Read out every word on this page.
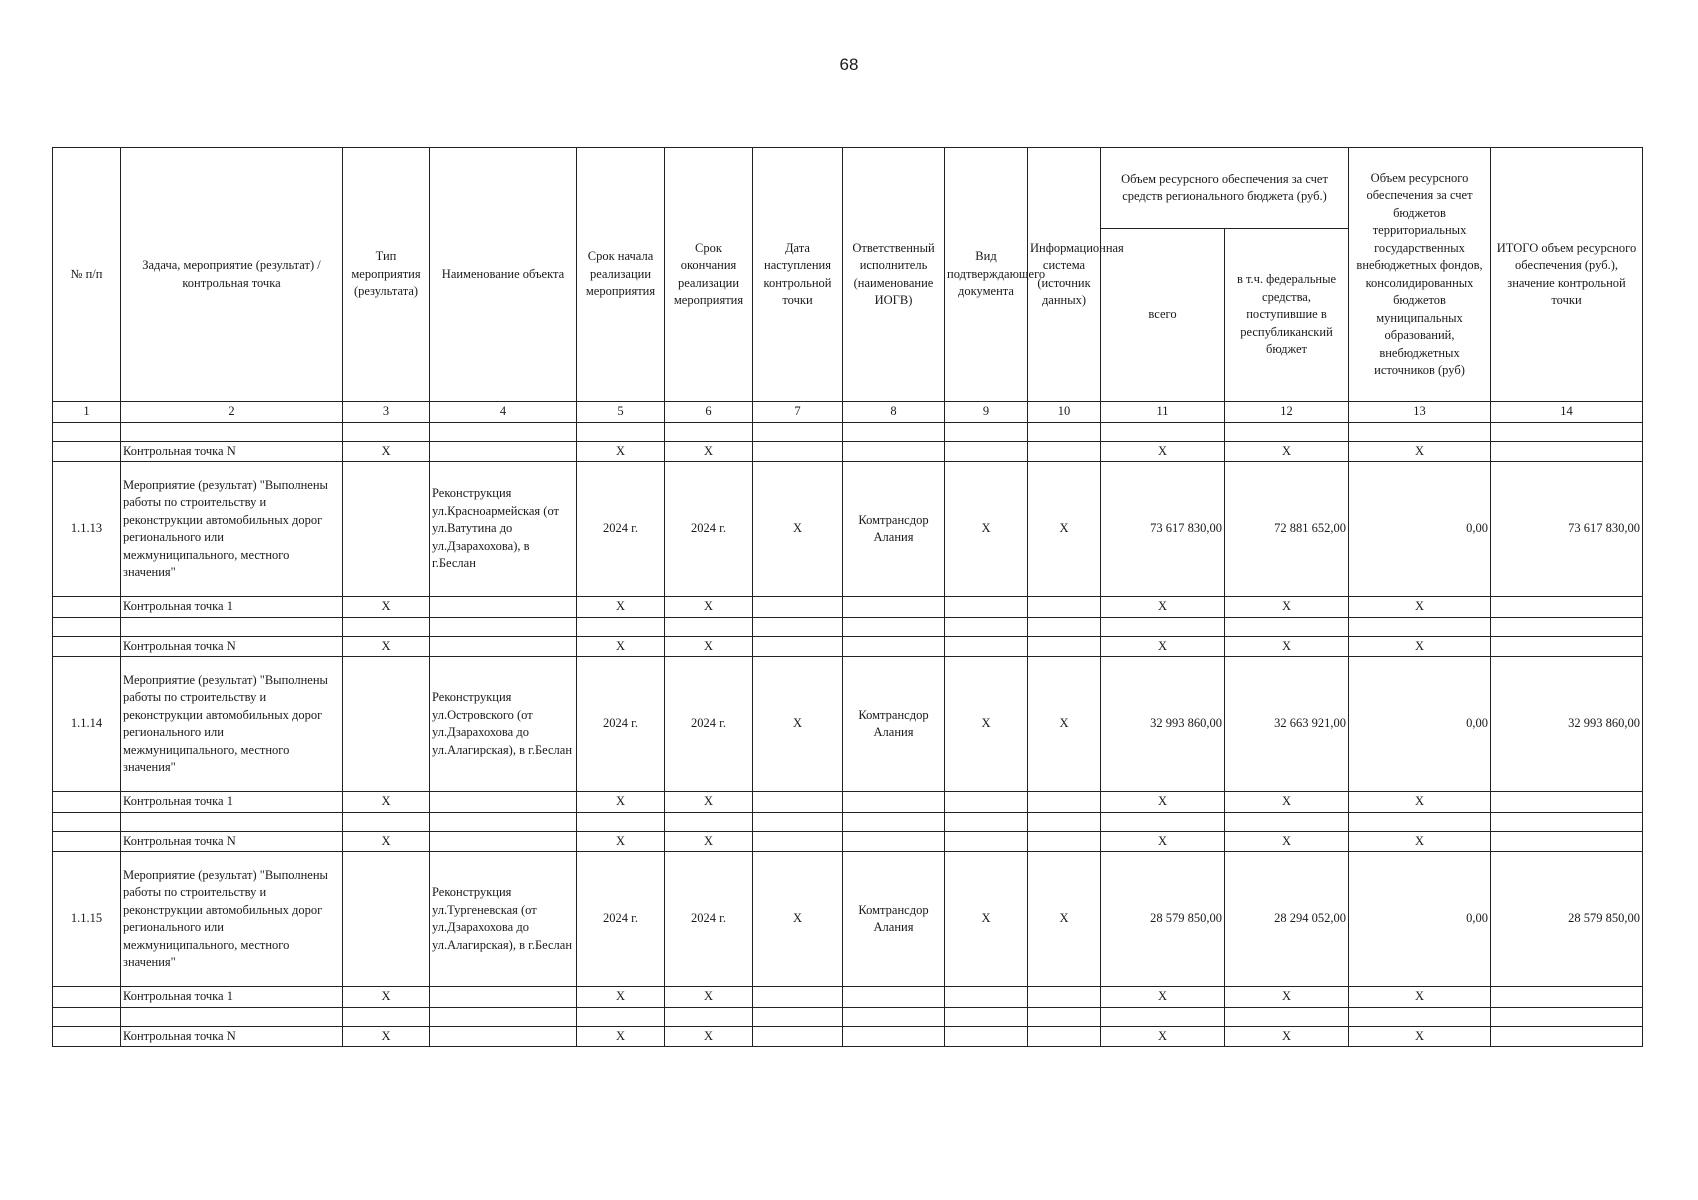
68
№ п/п	Задача, мероприятие (результат) / контрольная точка	Тип мероприятия (результата)	Наименование объекта	Срок начала реализации мероприятия	Срок окончания реализации мероприятия	Дата наступления контрольной точки	Ответственный исполнитель (наименование ИОГВ)	Вид подтверждающего документа	Информационная система (источник данных)	Объем ресурсного обеспечения за счет средств регионального бюджета (руб.)		Объем ресурсного обеспечения за счет бюджетов территориальных государственных внебюджетных фондов, консолидированных бюджетов муниципальных образований, внебюджетных источников (руб)	ИТОГО объем ресурсного обеспечения (руб.), значение контрольной точки
										всего	в т.ч. федеральные средства, поступившие в республиканский бюджет		
1	2	3	4	5	6	7	8	9	10	11	12	13	14

	Контрольная точка N	X		X	X					X	X	X	
1.1.13	Мероприятие (результат) "Выполнены работы по строительству и реконструкции автомобильных дорог регионального или межмуниципального, местного значения"		Реконструкция ул.Красноармейская (от ул.Ватутина до ул.Дзарахохова), в г.Беслан	2024 г.	2024 г.	X	Комтрансдор Алания	X	X	73 617 830,00	72 881 652,00	0,00	73 617 830,00
	Контрольная точка 1	X		X	X					X	X	X	

	Контрольная точка N	X		X	X					X	X	X	
1.1.14	Мероприятие (результат) "Выполнены работы по строительству и реконструкции автомобильных дорог регионального или межмуниципального, местного значения"		Реконструкция ул.Островского (от ул.Дзарахохова до ул.Алагирская), в г.Беслан	2024 г.	2024 г.	X	Комтрансдор Алания	X	X	32 993 860,00	32 663 921,00	0,00	32 993 860,00
	Контрольная точка 1	X		X	X					X	X	X	

	Контрольная точка N	X		X	X					X	X	X	
1.1.15	Мероприятие (результат) "Выполнены работы по строительству и реконструкции автомобильных дорог регионального или межмуниципального, местного значения"		Реконструкция ул.Тургеневская (от ул.Дзарахохова до ул.Алагирская), в г.Беслан	2024 г.	2024 г.	X	Комтрансдор Алания	X	X	28 579 850,00	28 294 052,00	0,00	28 579 850,00
	Контрольная точка 1	X		X	X					X	X	X	

	Контрольная точка N	X		X	X					X	X	X	
